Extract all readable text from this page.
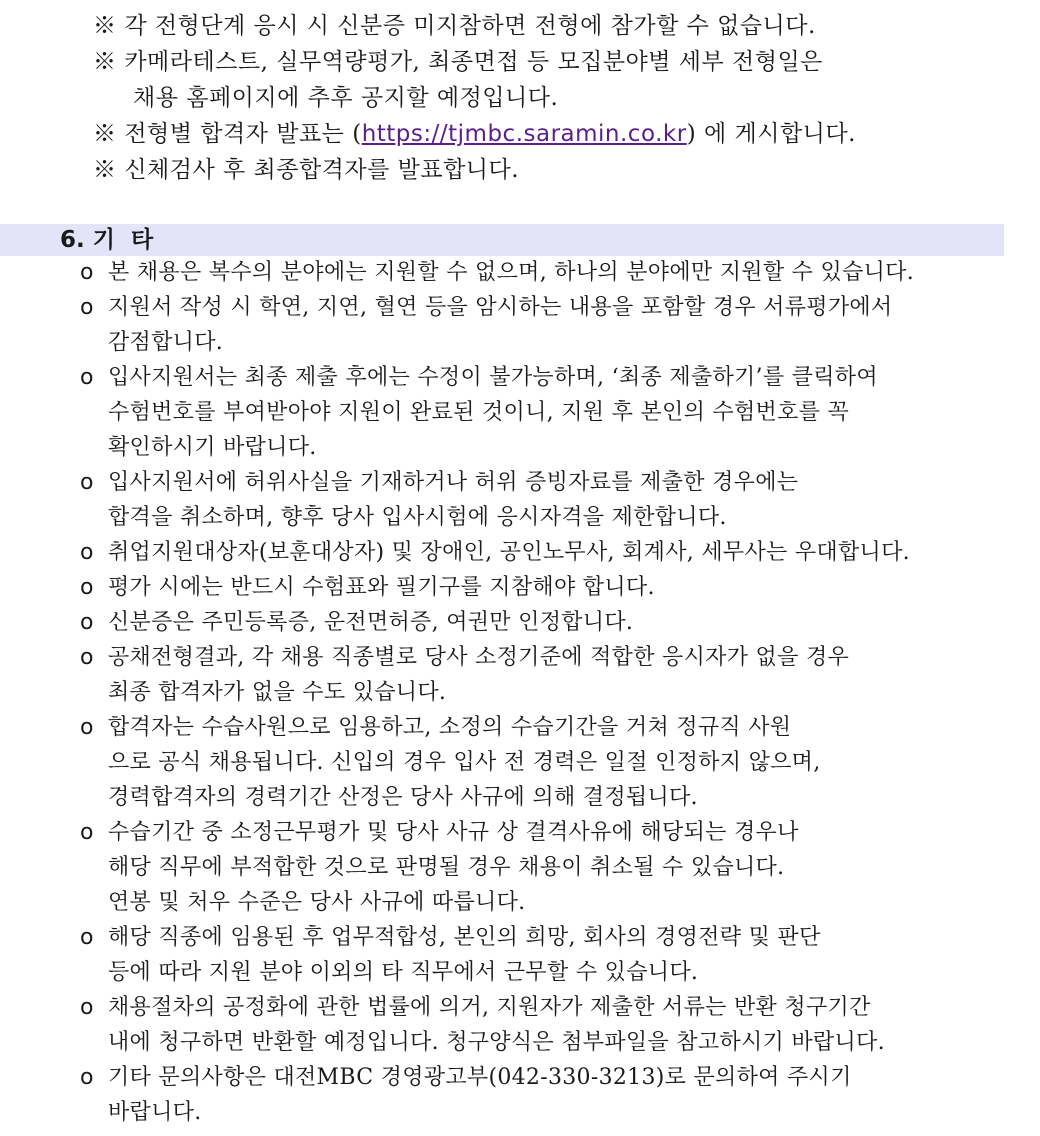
※ 각 전형단계 응시 시 신분증 미지참하면 전형에 참가할 수 없습니다.
※ 카메라테스트, 실무역량평가, 최종면접 등 모집분야별 세부 전형일은
채용 홈페이지에 추후 공지할 예정입니다.
※ 전형별 합격자 발표는 (https://tjmbc.saramin.co.kr) 에 게시합니다.
※ 신체검사 후 최종합격자를 발표합니다.
6. 기  타
o 본 채용은 복수의 분야에는 지원할 수 없으며, 하나의 분야에만 지원할 수 있습니다.
o 지원서 작성 시 학연, 지연, 혈연 등을 암시하는 내용을 포함할 경우 서류평가에서
감점합니다.
o 입사지원서는 최종 제출 후에는 수정이 불가능하며, ‘최종 제출하기’를 클릭하여
수험번호를 부여받아야 지원이 완료된 것이니, 지원 후 본인의 수험번호를 꼭
확인하시기 바랍니다.
o 입사지원서에 허위사실을 기재하거나 허위 증빙자료를 제출한 경우에는
합격을 취소하며, 향후 당사 입사시험에 응시자격을 제한합니다.
o 취업지원대상자(보훈대상자) 및 장애인, 공인노무사, 회계사, 세무사는 우대합니다.
o 평가 시에는 반드시 수험표와 필기구를 지참해야 합니다.
o 신분증은 주민등록증, 운전면허증, 여권만 인정합니다.
o 공채전형결과, 각 채용 직종별로 당사 소정기준에 적합한 응시자가 없을 경우
최종 합격자가 없을 수도 있습니다.
o 합격자는 수습사원으로 임용하고, 소정의 수습기간을 거쳐 정규직 사원
으로 공식 채용됩니다. 신입의 경우 입사 전 경력은 일절 인정하지 않으며,
경력합격자의 경력기간 산정은 당사 사규에 의해 결정됩니다.
o 수습기간 중 소정근무평가 및 당사 사규 상 결격사유에 해당되는 경우나
해당 직무에 부적합한 것으로 판명될 경우 채용이 취소될 수 있습니다.
연봉 및 처우 수준은 당사 사규에 따릅니다.
o 해당 직종에 임용된 후 업무적합성, 본인의 희망, 회사의 경영전략 및 판단
등에 따라 지원 분야 이외의 타 직무에서 근무할 수 있습니다.
o 채용절차의 공정화에 관한 법률에 의거, 지원자가 제출한 서류는 반환 청구기간
내에 청구하면 반환할 예정입니다. 청구양식은 첨부파일을 참고하시기 바랍니다.
o 기타 문의사항은 대전MBC 경영광고부(042-330-3213)로 문의하여 주시기
바랍니다.
